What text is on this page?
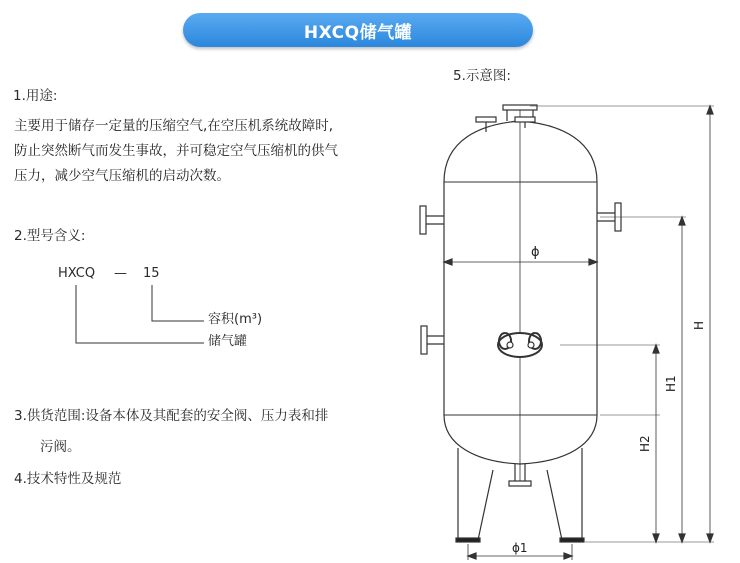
HXCQ储气罐
1.用途:
主要用于储存一定量的压缩空气,在空压机系统故障时,
防止突然断气而发生事故，并可稳定空气压缩机的供气
压力，减少空气压缩机的启动次数。
2.型号含义:
HXCQ — 15
容积(m³)
储气罐
3.供货范围:设备本体及其配套的安全阀、压力表和排
污阀。
4.技术特性及规范
5.示意图:
ϕ
ϕ1
H
H1
H2
